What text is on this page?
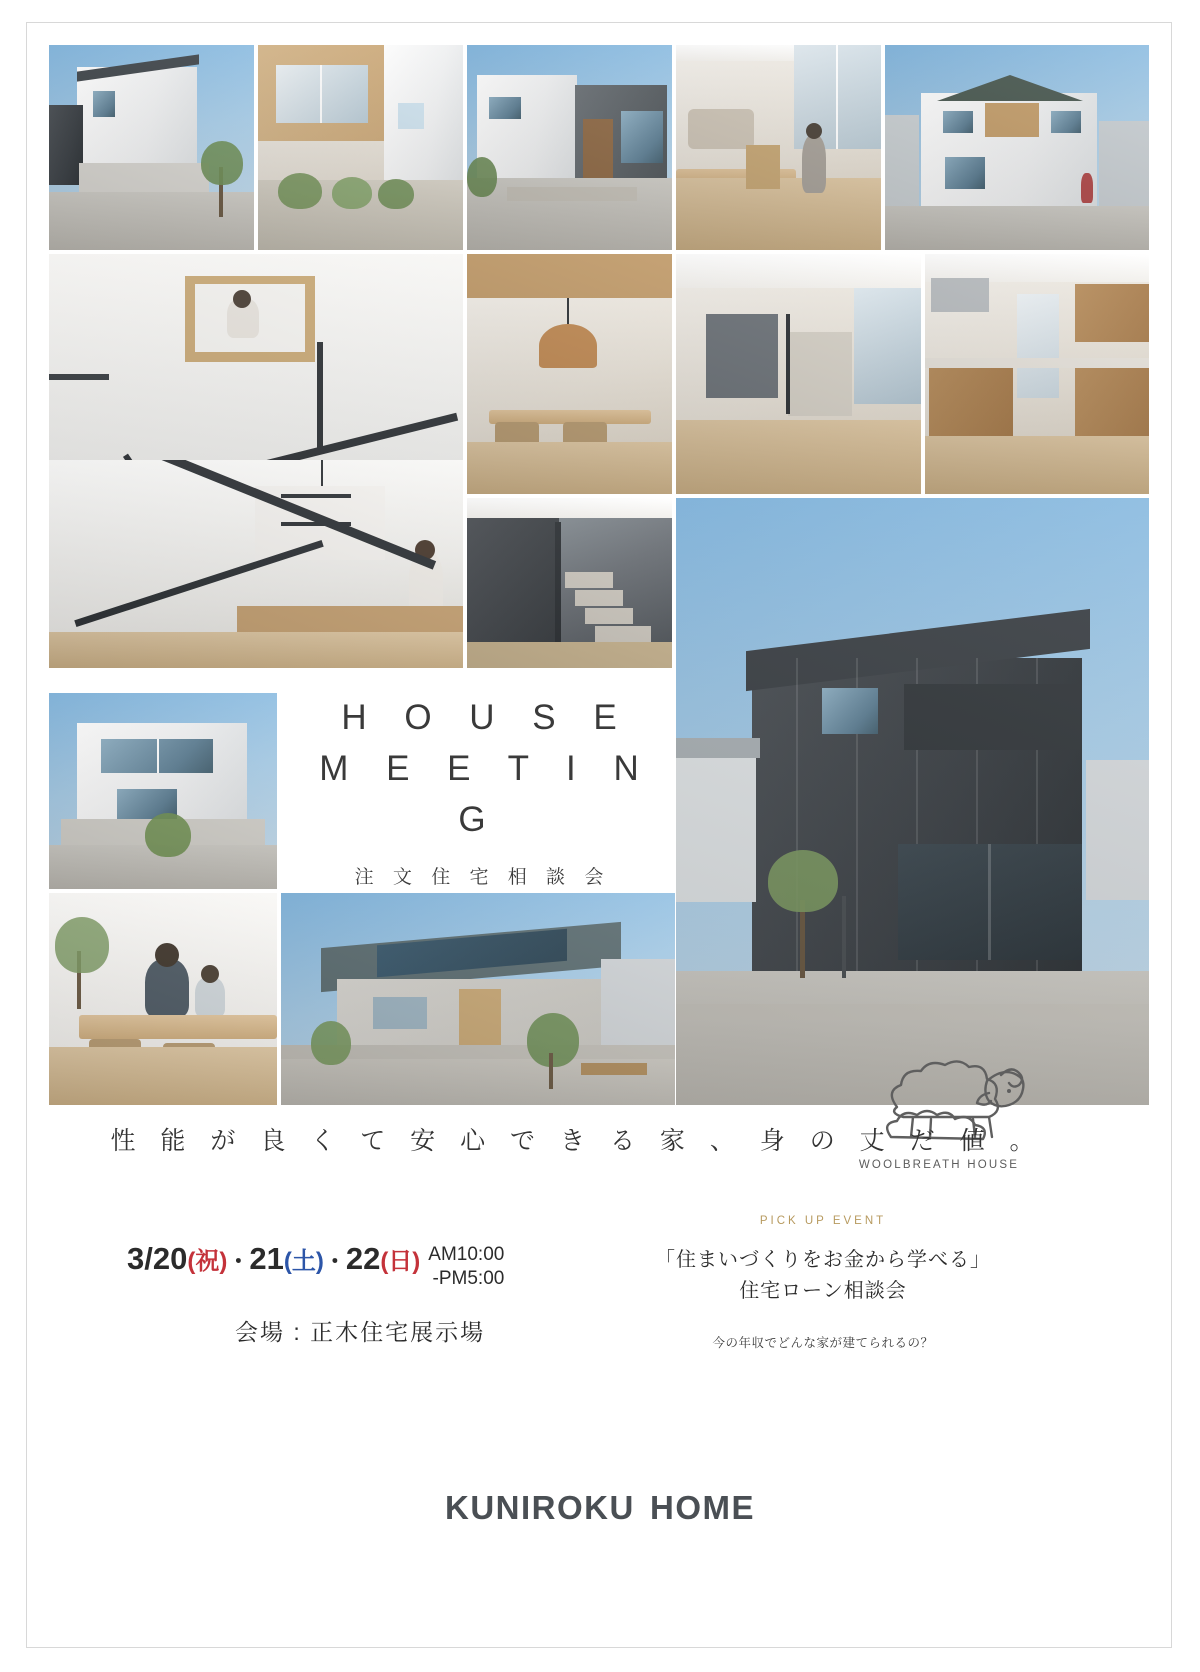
H O U S E
M E E T I N G
注 文 住 宅 相 談 会
WOOLBREATH HOUSE
性 能 が 良 く て 安 心 で き る 家 、 身 の 丈 だ 値 。
3/20(祝)・21(土)・22(日) AM10:00
-PM5:00
会場 : 正木住宅展示場
PICK UP EVENT
「住まいづくりをお金から学べる」
住宅ローン相談会
今の年収でどんな家が建てられるの？
KUNIROKU HOME
